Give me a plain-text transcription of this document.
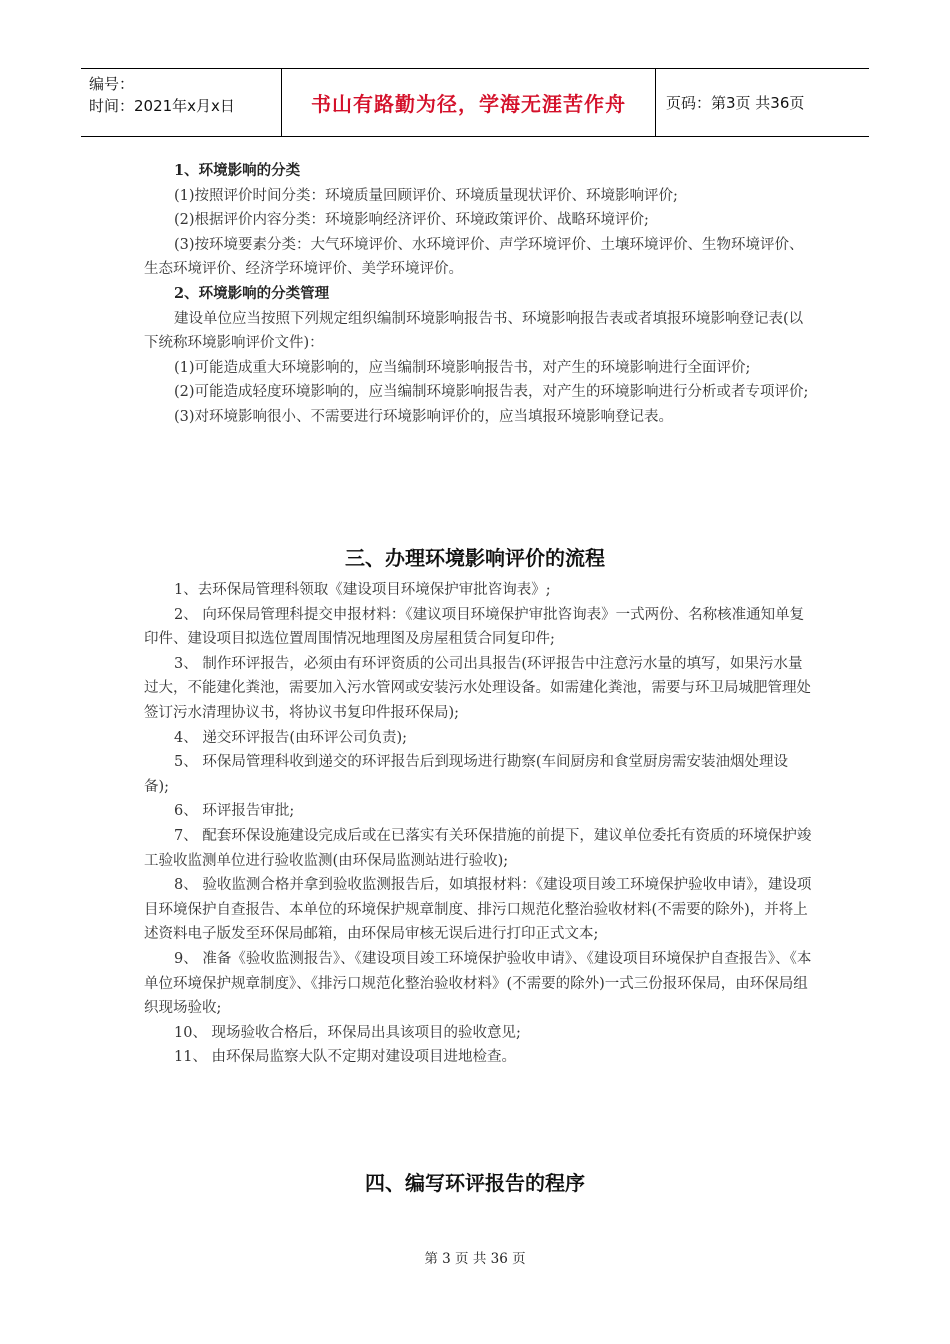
编号：
时间：2021年x月x日	书山有路勤为径，学海无涯苦作舟	页码：第3页 共36页

1、环境影响的分类

(1)按照评价时间分类：环境质量回顾评价、环境质量现状评价、环境影响评价;

(2)根据评价内容分类：环境影响经济评价、环境政策评价、战略环境评价;

(3)按环境要素分类：大气环境评价、水环境评价、声学环境评价、土壤环境评价、生物环境评价、生态环境评价、经济学环境评价、美学环境评价。

2、环境影响的分类管理

建设单位应当按照下列规定组织编制环境影响报告书、环境影响报告表或者填报环境影响登记表(以下统称环境影响评价文件)：

(1)可能造成重大环境影响的，应当编制环境影响报告书，对产生的环境影响进行全面评价;

(2)可能造成轻度环境影响的，应当编制环境影响报告表，对产生的环境影响进行分析或者专项评价;

(3)对环境影响很小、不需要进行环境影响评价的，应当填报环境影响登记表。

三、办理环境影响评价的流程

1、去环保局管理科领取《建设项目环境保护审批咨询表》;

2、 向环保局管理科提交申报材料：《建议项目环境保护审批咨询表》一式两份、名称核准通知单复印件、建设项目拟选位置周围情况地理图及房屋租赁合同复印件;

3、 制作环评报告，必须由有环评资质的公司出具报告(环评报告中注意污水量的填写，如果污水量过大，不能建化粪池，需要加入污水管网或安装污水处理设备。如需建化粪池，需要与环卫局城肥管理处签订污水清理协议书，将协议书复印件报环保局);

4、 递交环评报告(由环评公司负责);

5、 环保局管理科收到递交的环评报告后到现场进行勘察(车间厨房和食堂厨房需安装油烟处理设备);

6、 环评报告审批;

7、 配套环保设施建设完成后或在已落实有关环保措施的前提下，建议单位委托有资质的环境保护竣工验收监测单位进行验收监测(由环保局监测站进行验收);

8、 验收监测合格并拿到验收监测报告后，如填报材料：《建设项目竣工环境保护验收申请》，建设项目环境保护自查报告、本单位的环境保护规章制度、排污口规范化整治验收材料(不需要的除外)，并将上述资料电子版发至环保局邮箱，由环保局审核无误后进行打印正式文本;

9、 准备《验收监测报告》、《建设项目竣工环境保护验收申请》、《建设项目环境保护自查报告》、《本单位环境保护规章制度》、《排污口规范化整治验收材料》(不需要的除外)一式三份报环保局，由环保局组织现场验收;

10、 现场验收合格后，环保局出具该项目的验收意见;

11、 由环保局监察大队不定期对建设项目进地检查。

四、编写环评报告的程序
第 3 页 共 36 页
